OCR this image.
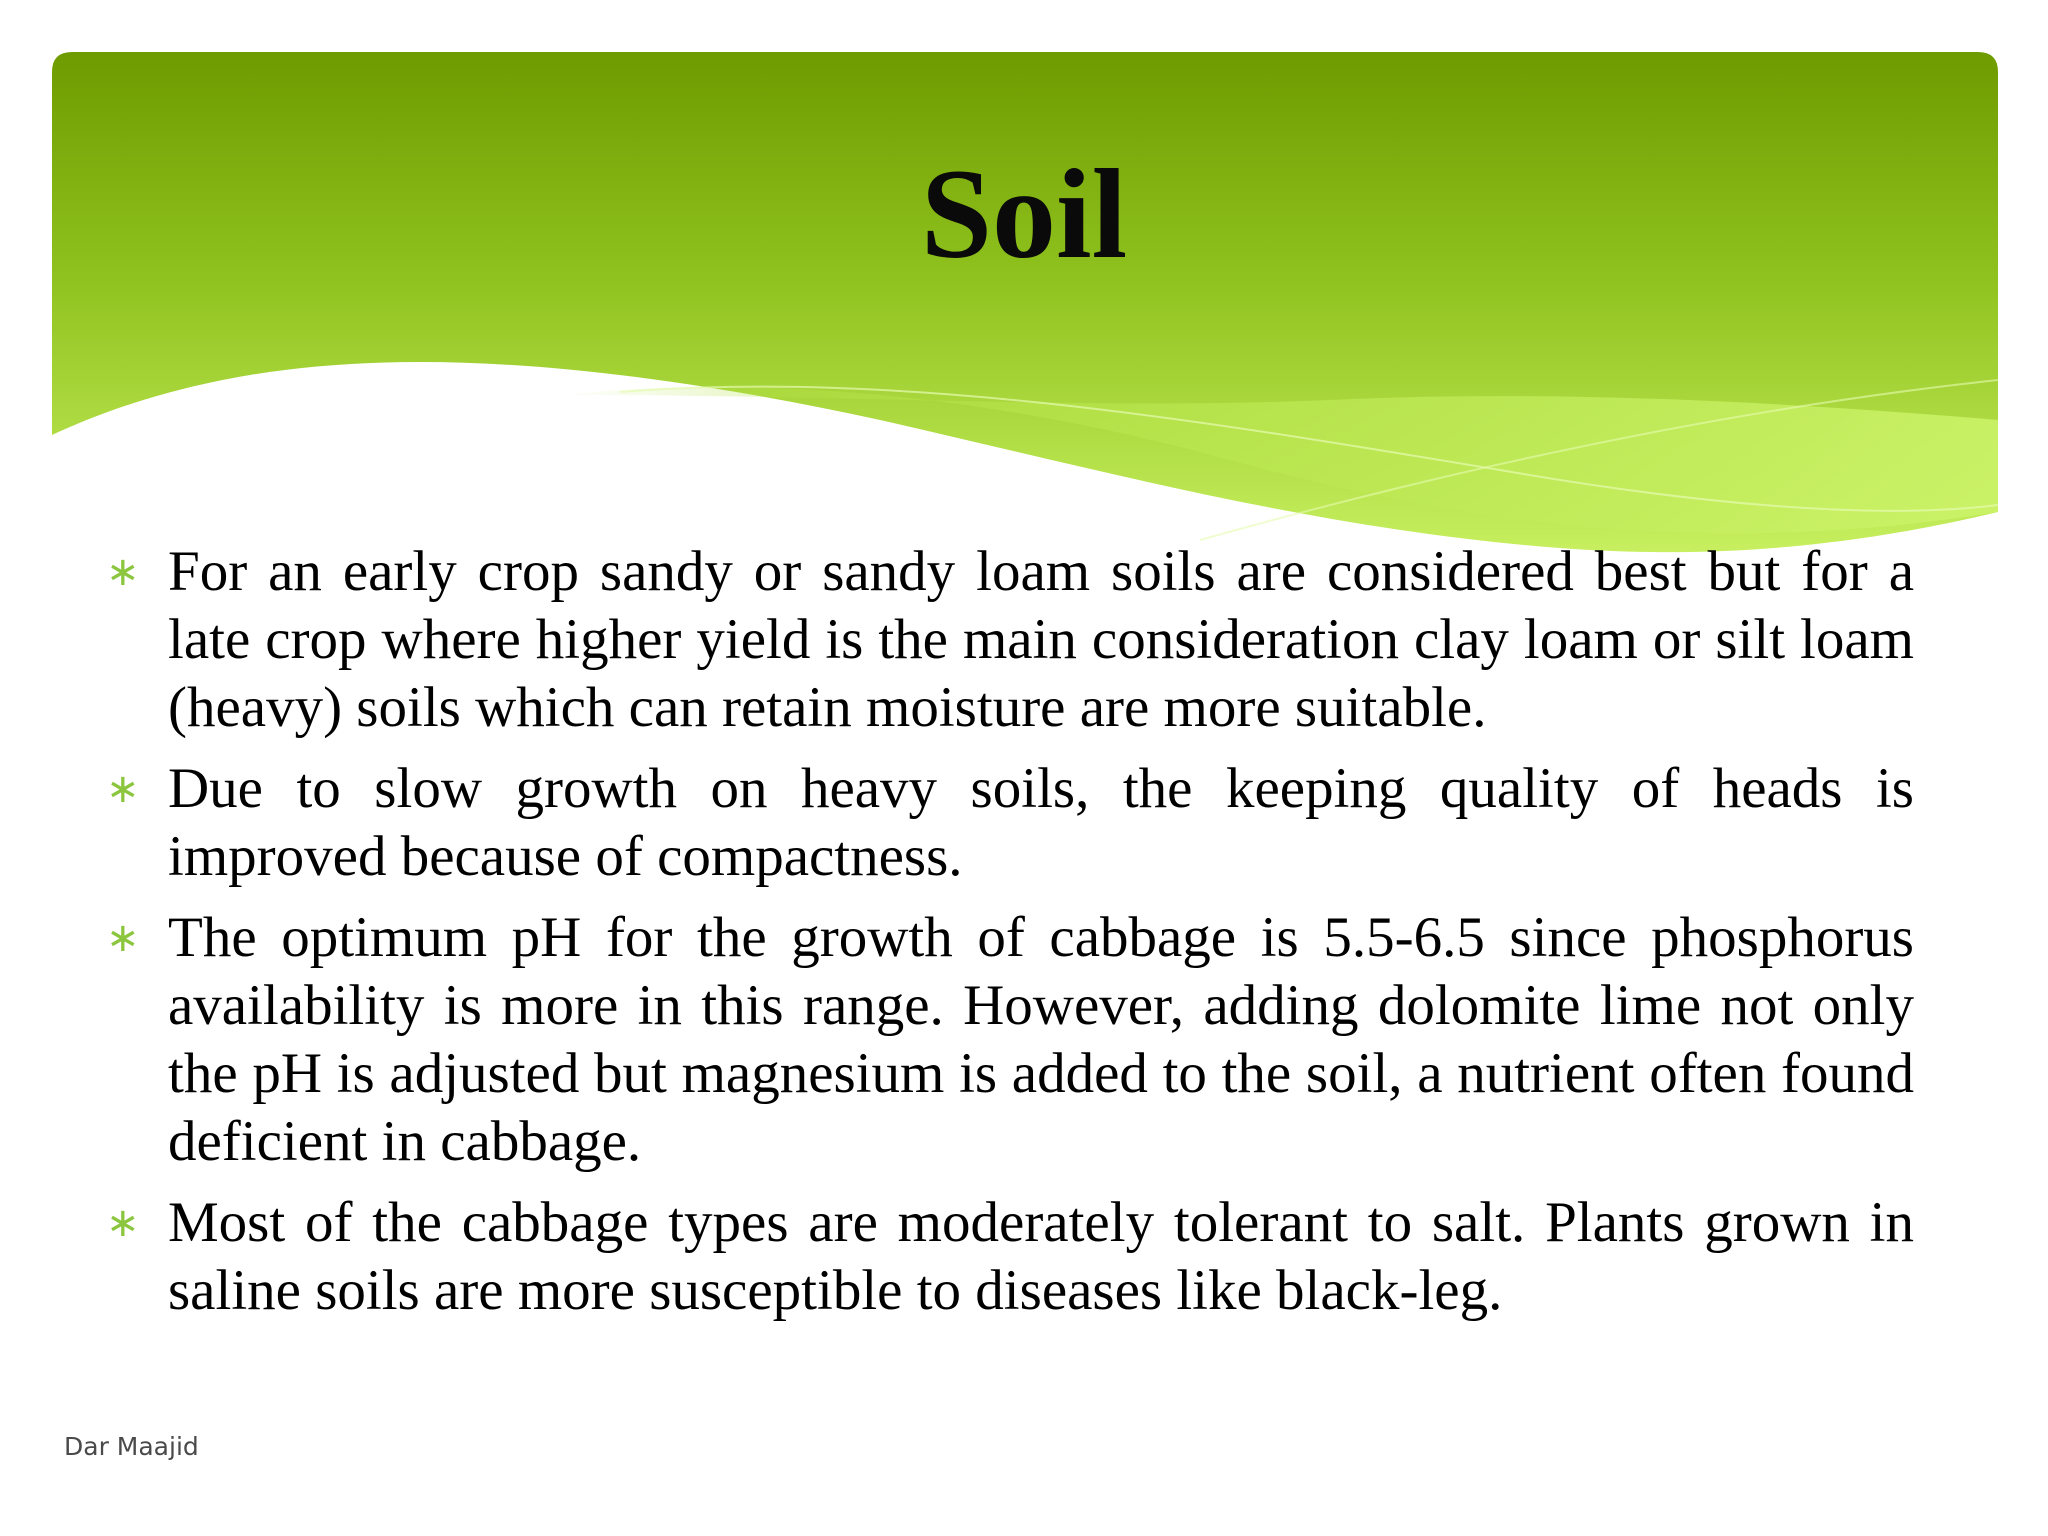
Soil
∗ For an early crop sandy or sandy loam soils are considered best but for a late crop where higher yield is the main consideration clay loam or silt loam (heavy) soils which can retain moisture are more suitable.
∗ Due to slow growth on heavy soils, the keeping quality of heads is improved because of compactness.
∗ The optimum pH for the growth of cabbage is 5.5-6.5 since phosphorus availability is more in this range. However, adding dolomite lime not only the pH is adjusted but magnesium is added to the soil, a nutrient often found deficient in cabbage.
∗ Most of the cabbage types are moderately tolerant to salt. Plants grown in saline soils are more susceptible to diseases like black-leg.
Dar Maajid
